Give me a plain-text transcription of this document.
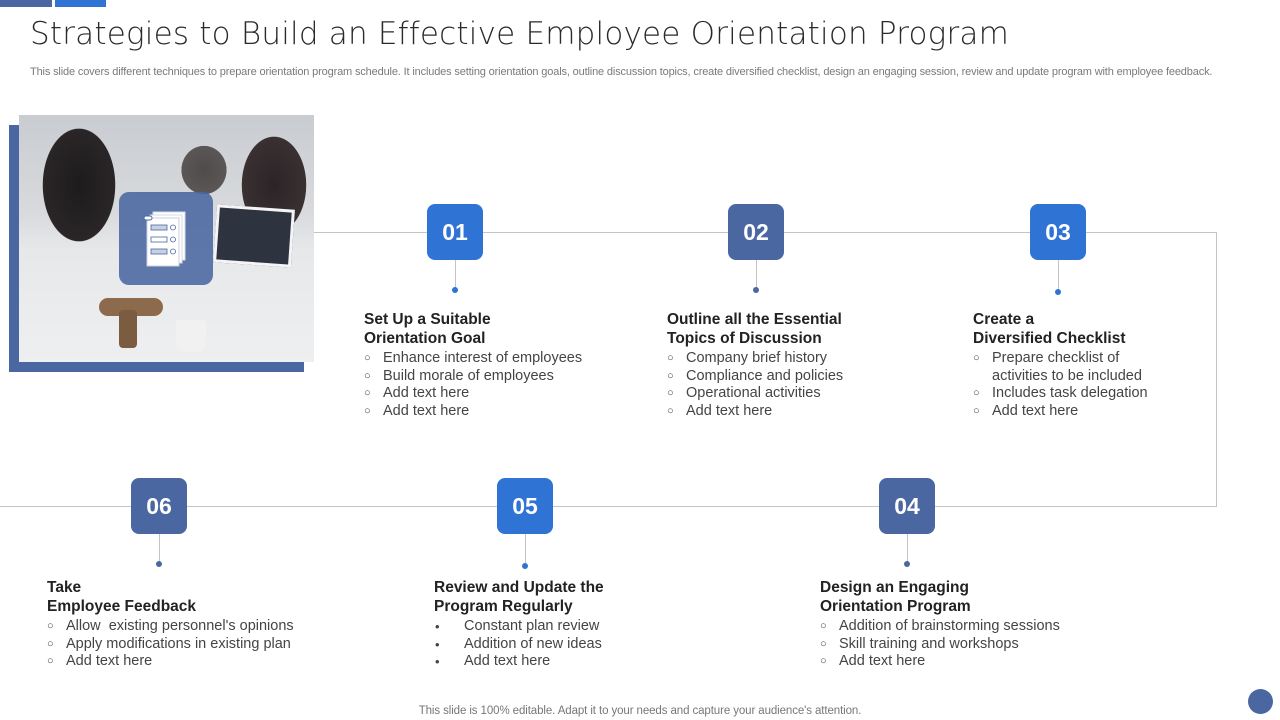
Strategies to Build an Effective Employee Orientation Program

This slide covers different techniques to prepare orientation program schedule. It includes setting orientation goals, outline discussion topics, create diversified checklist, design an engaging session, review and update program with employee feedback.

01
Set Up a Suitable
Orientation Goal
○ Enhance interest of employees
○ Build morale of employees
○ Add text here
○ Add text here
02
Outline all the Essential
Topics of Discussion
○ Company brief history
○ Compliance and policies
○ Operational activities
○ Add text here
03
Create a
Diversified Checklist
○ Prepare checklist of activities to be included
○ Includes task delegation
○ Add text here
04
Design an Engaging
Orientation Program
○ Addition of brainstorming sessions
○ Skill training and workshops
○ Add text here
05
Review and Update the
Program Regularly
• Constant plan review
• Addition of new ideas
• Add text here
06
Take
Employee Feedback
○ Allow  existing personnel's opinions
○ Apply modifications in existing plan
○ Add text here
This slide is 100% editable. Adapt it to your needs and capture your audience's attention.
